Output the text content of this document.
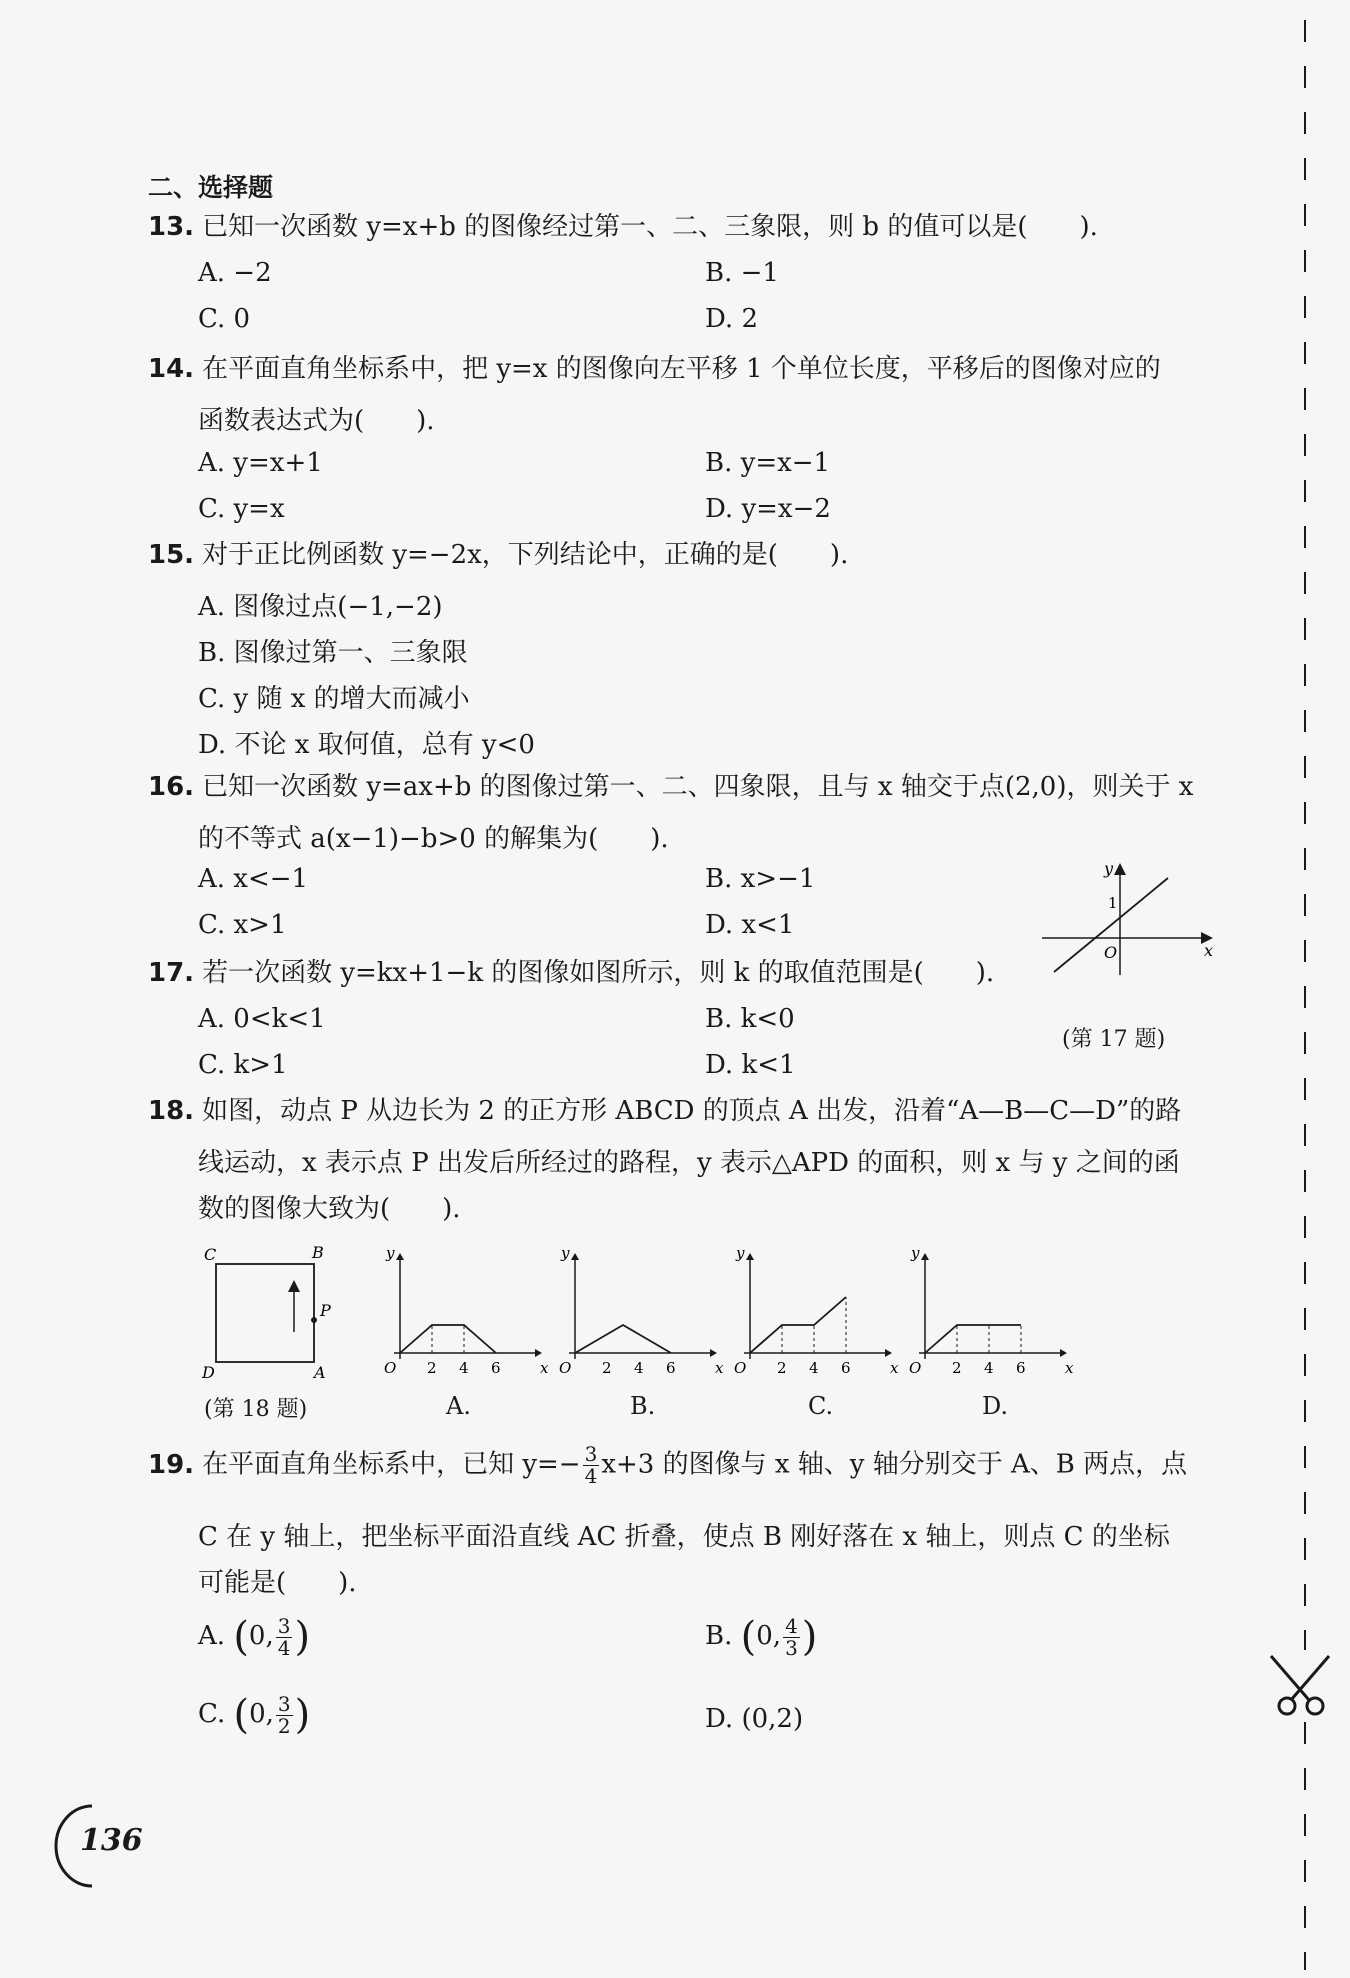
二、选择题
13. 已知一次函数 y=x+b 的图像经过第一、二、三象限，则 b 的值可以是(　　).
A. −2	B. −1
C. 0	D. 2
14. 在平面直角坐标系中，把 y=x 的图像向左平移 1 个单位长度，平移后的图像对应的
函数表达式为(　　).
A. y=x+1	B. y=x−1
C. y=x	D. y=x−2
15. 对于正比例函数 y=−2x，下列结论中，正确的是(　　).
A. 图像过点(−1,−2)
B. 图像过第一、三象限
C. y 随 x 的增大而减小
D. 不论 x 取何值，总有 y<0
16. 已知一次函数 y=ax+b 的图像过第一、二、四象限，且与 x 轴交于点(2,0)，则关于 x
的不等式 a(x−1)−b>0 的解集为(　　).
A. x<−1	B. x>−1
C. x>1	D. x<1
17. 若一次函数 y=kx+1−k 的图像如图所示，则 k 的取值范围是(　　).
A. 0<k<1	B. k<0
C. k>1	D. k<1
y
x
O
1
(第 17 题)
18. 如图，动点 P 从边长为 2 的正方形 ABCD 的顶点 A 出发，沿着“A—B—C—D”的路
线运动，x 表示点 P 出发后所经过的路程，y 表示△APD 的面积，则 x 与 y 之间的函
数的图像大致为(　　).
C	B
D	A
P
(第 18 题)
y
x
O 2 4 6
y
x
O 2 4 6
y
x
O 2 4 6
y
x
O 2 4 6
A.	B.	C.	D.
19. 在平面直角坐标系中，已知 $y=- \frac{3}{4} x+3$ 的图像与 x 轴、y 轴分别交于 A、B 两点，点
C 在 y 轴上，把坐标平面沿直线 AC 折叠，使点 B 刚好落在 x 轴上，则点 C 的坐标
可能是(　　).
A. (0, $\frac{3}{4}$ )	B. (0, $\frac{4}{3}$ )
C. (0, $\frac{3}{2}$ )	D. (0,2)
136
